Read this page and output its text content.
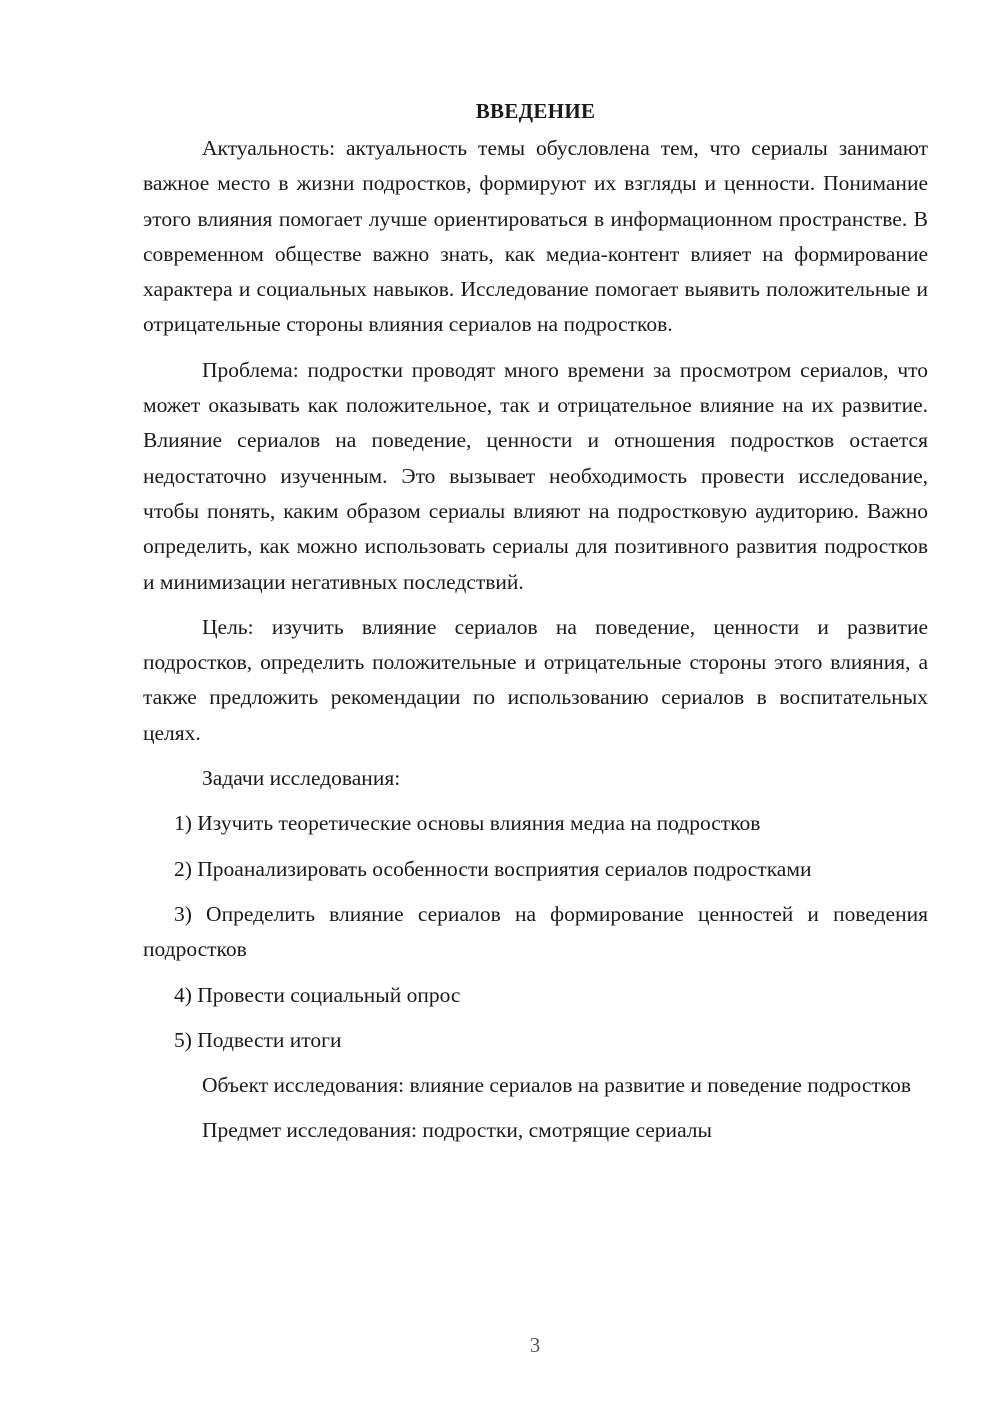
ВВЕДЕНИЕ

Актуальность: актуальность темы обусловлена тем, что сериалы занимают важное место в жизни подростков, формируют их взгляды и ценности. Понимание этого влияния помогает лучше ориентироваться в информационном пространстве. В современном обществе важно знать, как медиа-контент влияет на формирование характера и социальных навыков. Исследование помогает выявить положительные и отрицательные стороны влияния сериалов на подростков.

Проблема: подростки проводят много времени за просмотром сериалов, что может оказывать как положительное, так и отрицательное влияние на их развитие. Влияние сериалов на поведение, ценности и отношения подростков остается недостаточно изученным. Это вызывает необходимость провести исследование, чтобы понять, каким образом сериалы влияют на подростковую аудиторию. Важно определить, как можно использовать сериалы для позитивного развития подростков и минимизации негативных последствий.

Цель: изучить влияние сериалов на поведение, ценности и развитие подростков, определить положительные и отрицательные стороны этого влияния, а также предложить рекомендации по использованию сериалов в воспитательных целях.

Задачи исследования:

1) Изучить теоретические основы влияния медиа на подростков

2) Проанализировать особенности восприятия сериалов подростками

3) Определить влияние сериалов на формирование ценностей и поведения подростков

4) Провести социальный опрос

5) Подвести итоги

Объект исследования: влияние сериалов на развитие и поведение подростков

Предмет исследования: подростки, смотрящие сериалы

3
